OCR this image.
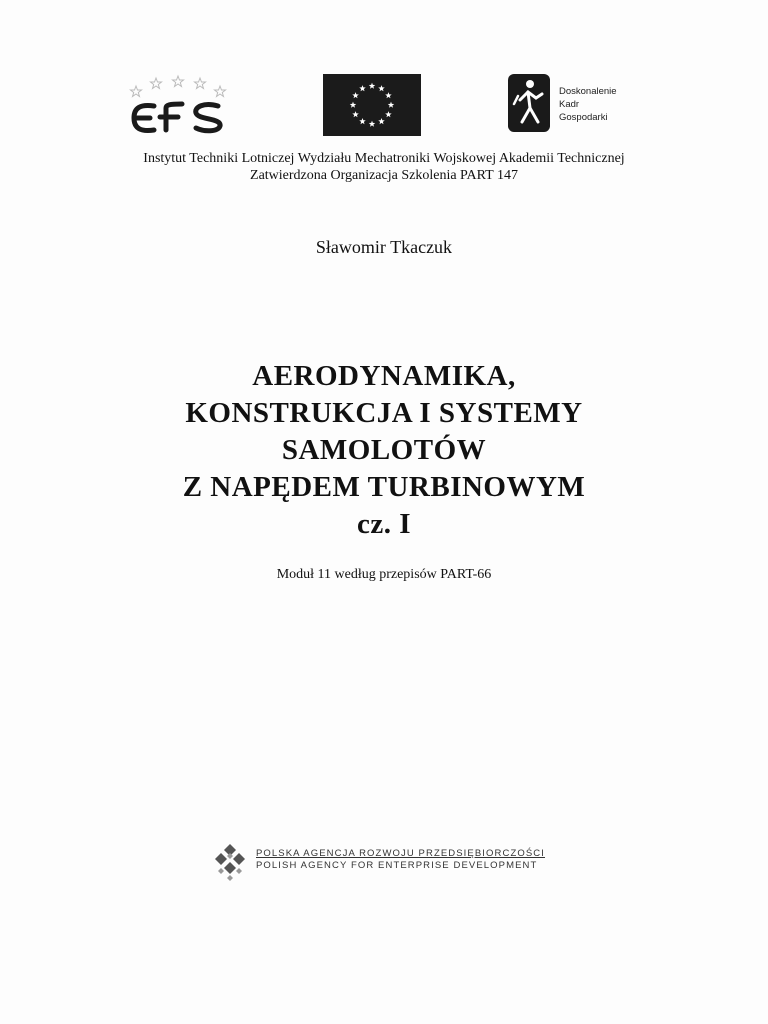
Doskonalenie
Kadr
Gospodarki
Instytut Techniki Lotniczej Wydziału Mechatroniki Wojskowej Akademii Technicznej
Zatwierdzona Organizacja Szkolenia PART 147
Sławomir Tkaczuk
AERODYNAMIKA,
KONSTRUKCJA I SYSTEMY
SAMOLOTÓW
Z NAPĘDEM TURBINOWYM
cz. I
Moduł 11 według przepisów PART-66
POLSKA AGENCJA ROZWOJU PRZEDSIĘBIORCZOŚCI
POLISH AGENCY FOR ENTERPRISE DEVELOPMENT
